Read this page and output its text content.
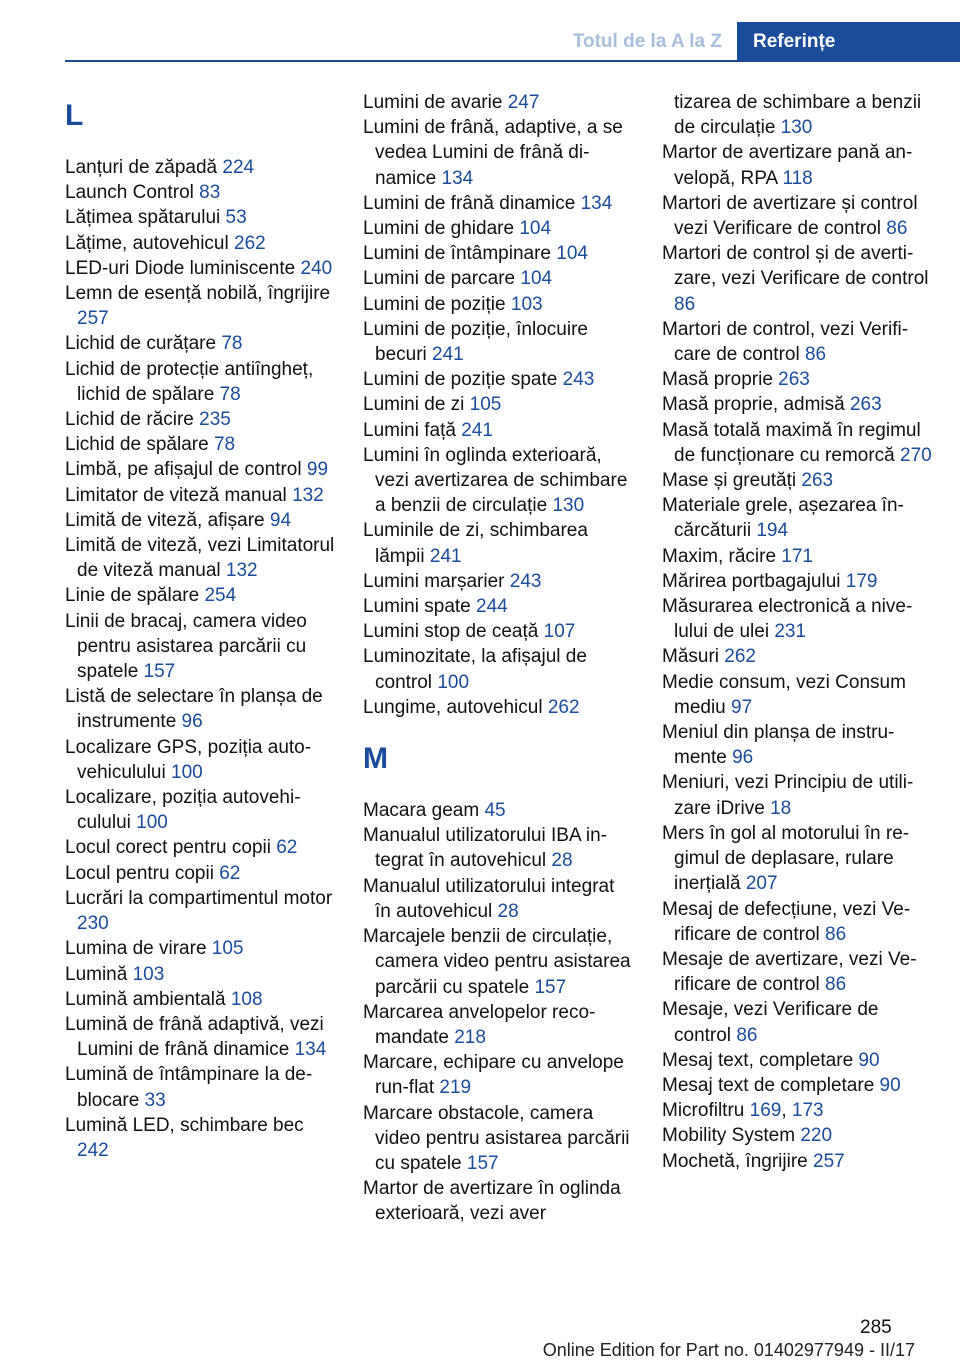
Totul de la A la Z	Referințe
L
Lanțuri de zăpadă 224
Launch Control 83
Lățimea spătarului 53
Lățime, autovehicul 262
LED-uri Diode luminiscente 240
Lemn de esență nobilă, îngrijire 257
Lichid de curățare 78
Lichid de protecție antiîngheț, lichid de spălare 78
Lichid de răcire 235
Lichid de spălare 78
Limbă, pe afișajul de control 99
Limitator de viteză manual 132
Limită de viteză, afișare 94
Limită de viteză, vezi Limitatorul de viteză manual 132
Linie de spălare 254
Linii de bracaj, camera video pentru asistarea parcării cu spatele 157
Listă de selectare în planșa de instrumente 96
Localizare GPS, poziția autovehiculului 100
Localizare, poziția autovehiculului 100
Locul corect pentru copii 62
Locul pentru copii 62
Lucrări la compartimentul motor 230
Lumina de virare 105
Lumină 103
Lumină ambientală 108
Lumină de frână adaptivă, vezi Lumini de frână dinamice 134
Lumină de întâmpinare la deblocare 33
Lumină LED, schimbare bec 242
Lumini de avarie 247
Lumini de frână, adaptive, a se vedea Lumini de frână dinamice 134
Lumini de frână dinamice 134
Lumini de ghidare 104
Lumini de întâmpinare 104
Lumini de parcare 104
Lumini de poziție 103
Lumini de poziție, înlocuire becuri 241
Lumini de poziție spate 243
Lumini de zi 105
Lumini față 241
Lumini în oglinda exterioară, vezi avertizarea de schimbare a benzii de circulație 130
Luminile de zi, schimbarea lămpii 241
Lumini marșarier 243
Lumini spate 244
Lumini stop de ceață 107
Luminozitate, la afișajul de control 100
Lungime, autovehicul 262
M
Macara geam 45
Manualul utilizatorului IBA integrat în autovehicul 28
Manualul utilizatorului integrat în autovehicul 28
Marcajele benzii de circulație, camera video pentru asistarea parcării cu spatele 157
Marcarea anvelopelor recomandate 218
Marcare, echipare cu anvelope run-flat 219
Marcare obstacole, camera video pentru asistarea parcării cu spatele 157
Martor de avertizare în oglinda exterioară, vezi aver
tizarea de schimbare a benzii de circulație 130
Martor de avertizare pană anvelopă, RPA 118
Martori de avertizare și control vezi Verificare de control 86
Martori de control și de avertizare, vezi Verificare de control 86
Martori de control, vezi Verificare de control 86
Masă proprie 263
Masă proprie, admisă 263
Masă totală maximă în regimul de funcționare cu remorcă 270
Mase și greutăți 263
Materiale grele, așezarea încărcăturii 194
Maxim, răcire 171
Mărirea portbagajului 179
Măsurarea electronică a nivelului de ulei 231
Măsuri 262
Medie consum, vezi Consum mediu 97
Meniul din planșa de instrumente 96
Meniuri, vezi Principiu de utilizare iDrive 18
Mers în gol al motorului în regimul de deplasare, rulare inerțială 207
Mesaj de defecțiune, vezi Verificare de control 86
Mesaje de avertizare, vezi Verificare de control 86
Mesaje, vezi Verificare de control 86
Mesaj text, completare 90
Mesaj text de completare 90
Microfiltru 169, 173
Mobility System 220
Mochetă, îngrijire 257
285
Online Edition for Part no. 01402977949 - II/17
